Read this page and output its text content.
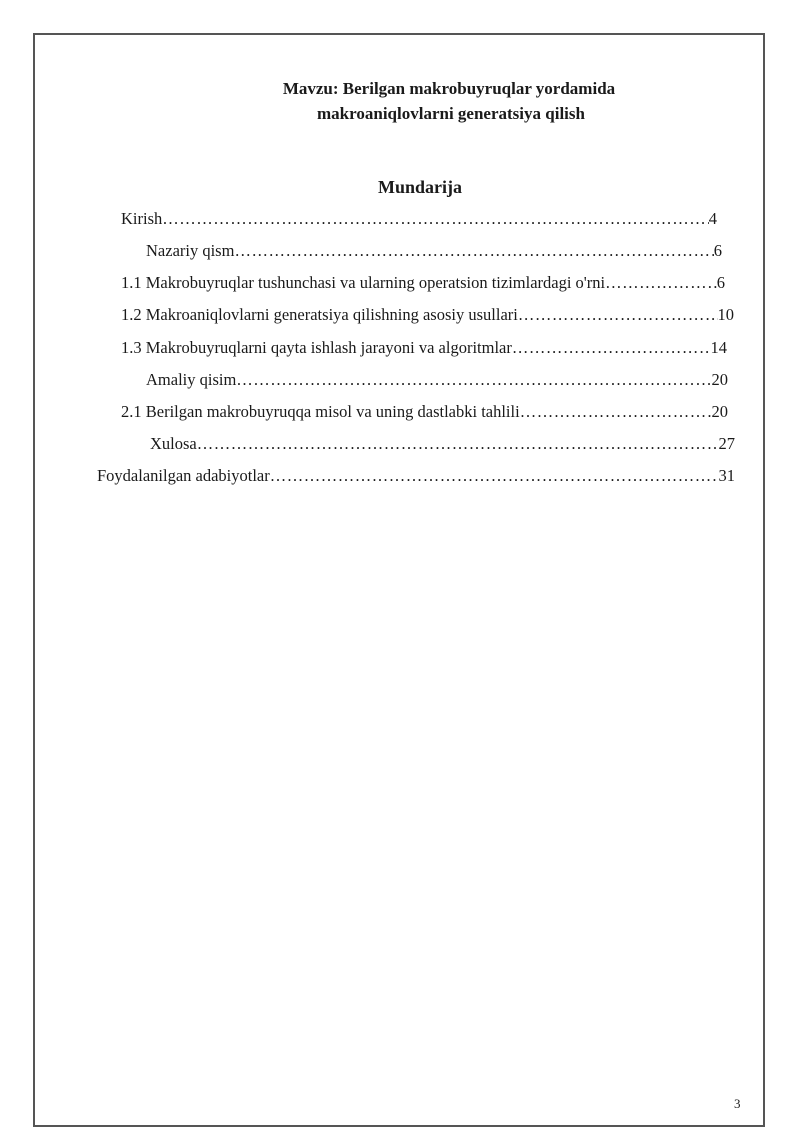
Mavzu: Berilgan makrobuyruqlar yordamida
makroaniqlovlarni generatsiya qilish
Mundarija
Kirish ……………………………………………………………………………………………………………………………………………………………………	4
Nazariy qism ……………………………………………………………………………………………………………………………………………………………………	6
1.1 Makrobuyruqlar tushunchasi va ularning operatsion tizimlardagi o'rni ……………………………………………………………………………………………………………………………………………………………………	6
1.2 Makroaniqlovlarni generatsiya qilishning asosiy usullari ……………………………………………………………………………………………………………………………………………………………………	10
1.3 Makrobuyruqlarni qayta ishlash jarayoni va algoritmlar ……………………………………………………………………………………………………………………………………………………………………	14
Amaliy qisim ……………………………………………………………………………………………………………………………………………………………………	20
2.1 Berilgan makrobuyruqqa misol va uning dastlabki tahlili ……………………………………………………………………………………………………………………………………………………………………	20
Xulosa ……………………………………………………………………………………………………………………………………………………………………	27
Foydalanilgan adabiyotlar ……………………………………………………………………………………………………………………………………………………………………	31
3
